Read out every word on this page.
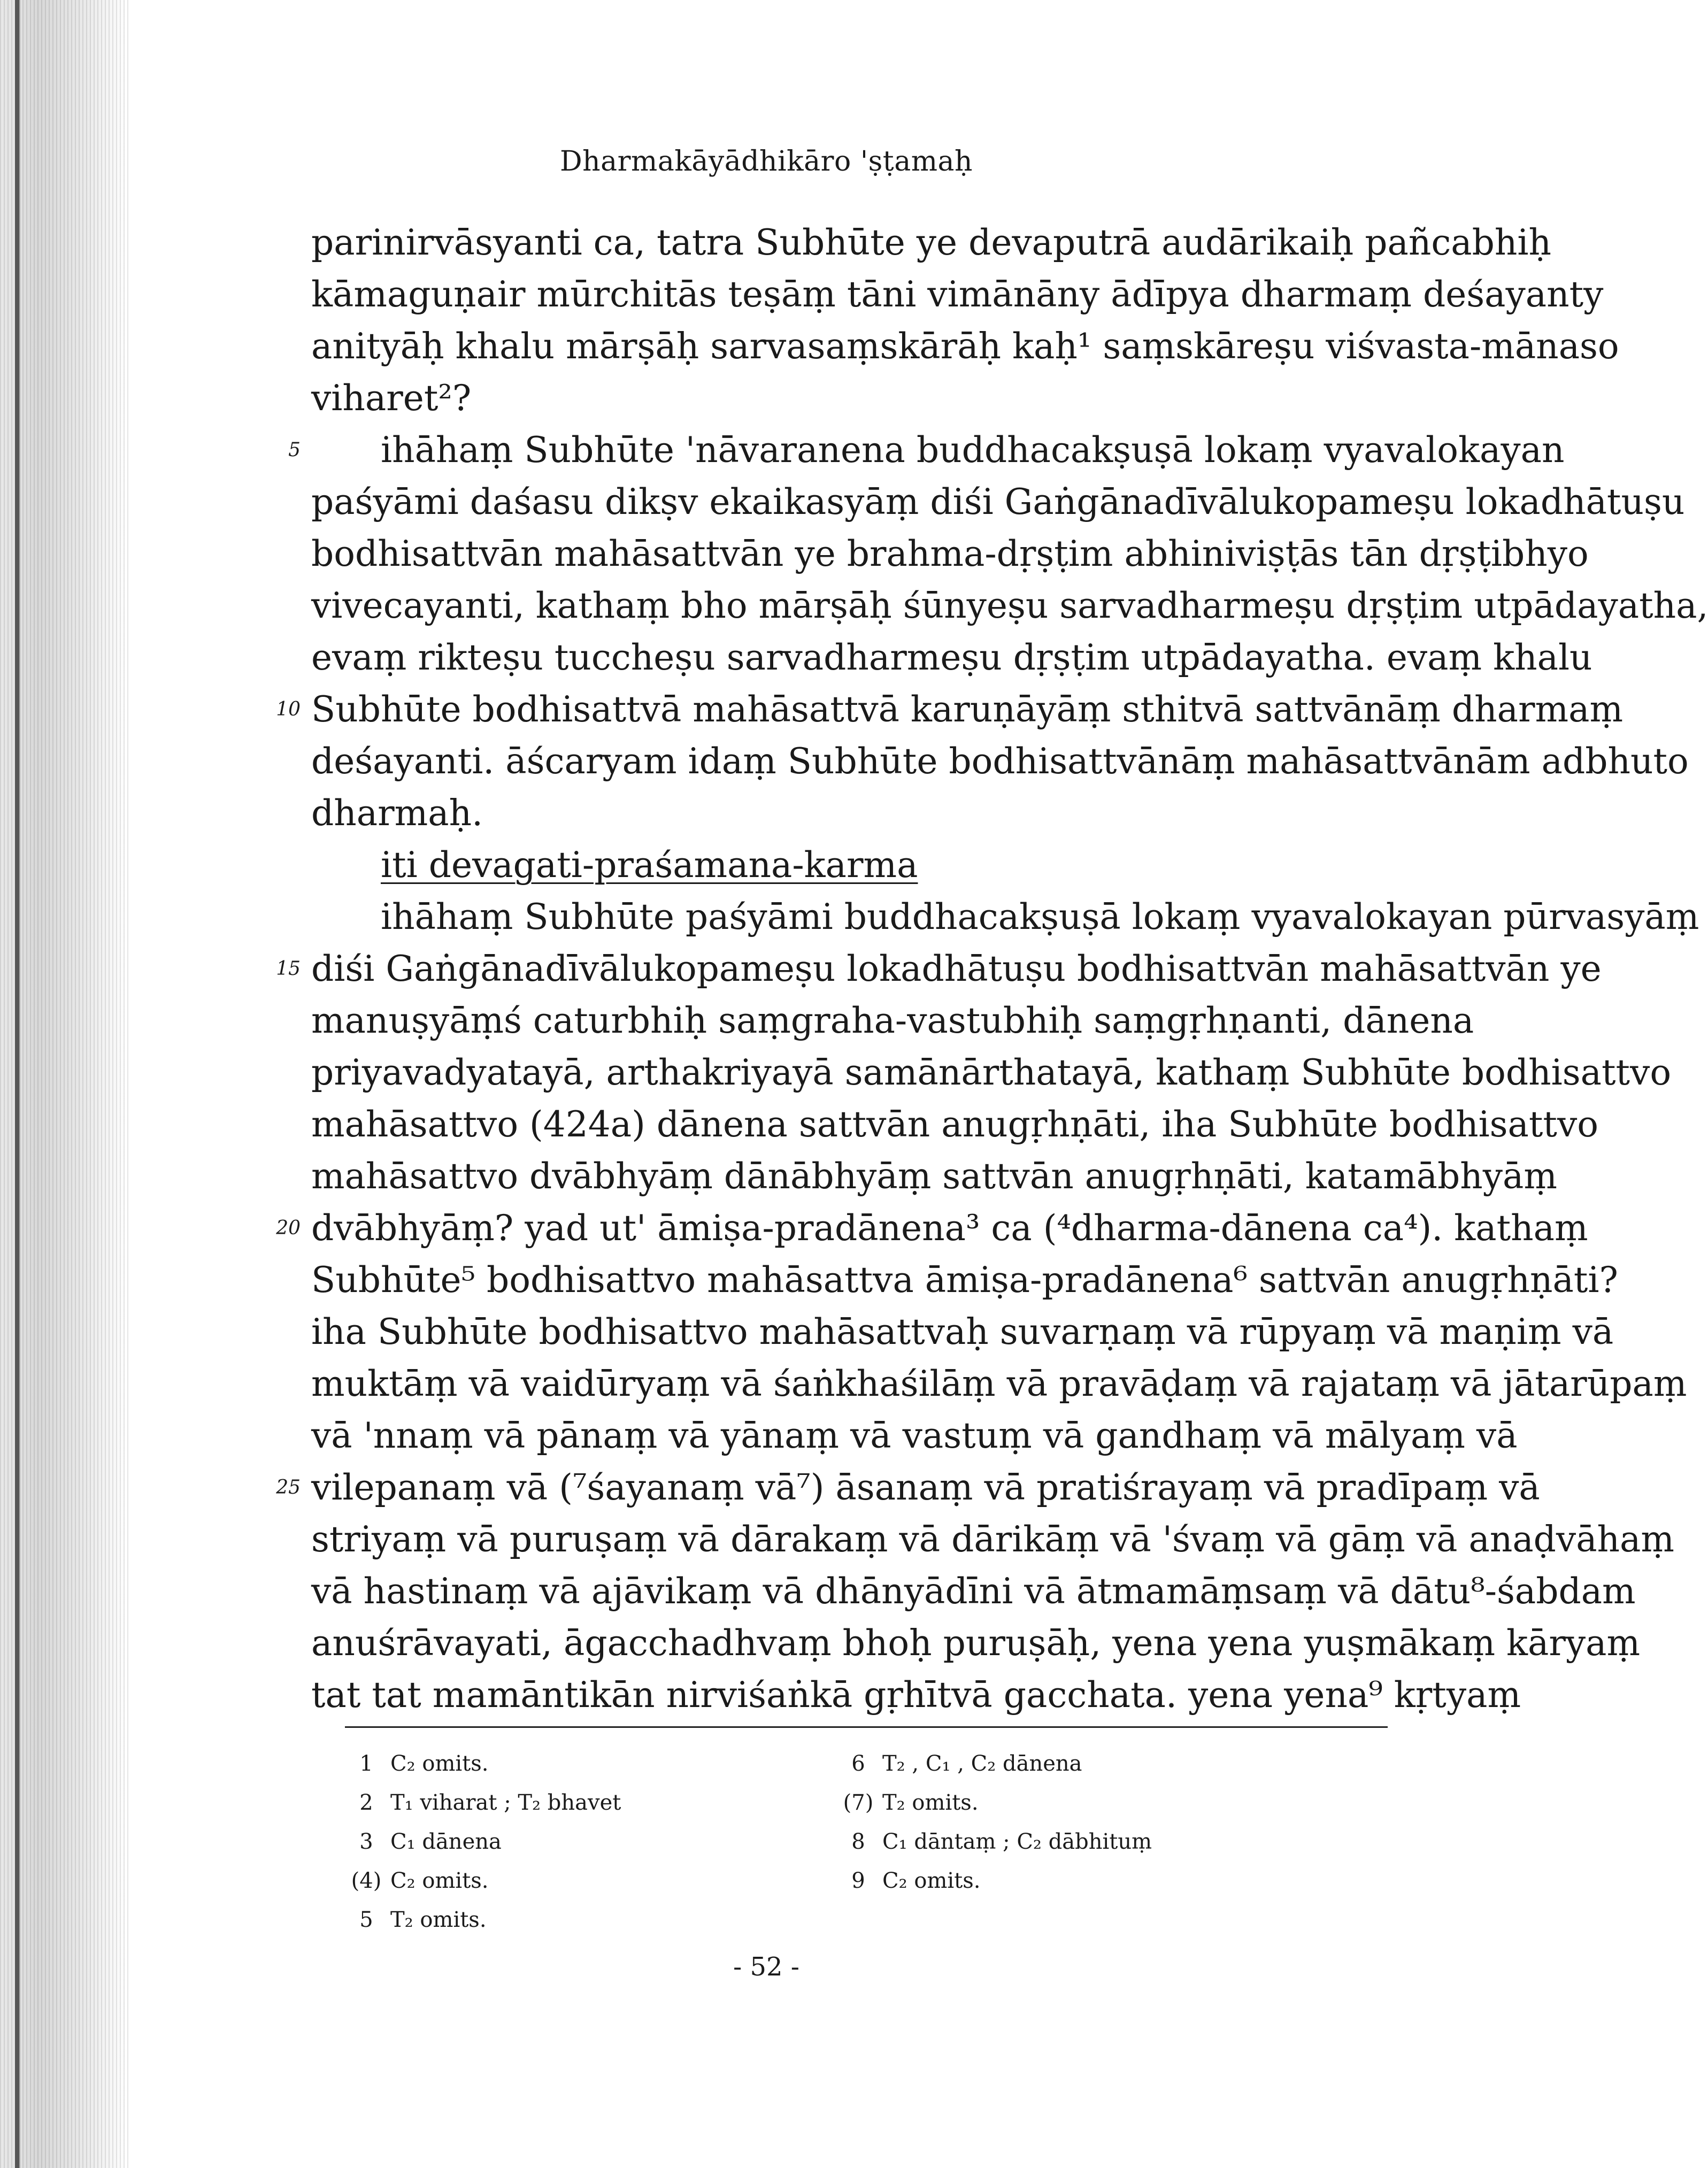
Dharmakāyādhikāro 'ṣṭamaḥ
parinirvāsyanti ca, tatra Subhūte ye devaputrā audārikaiḥ pañcabhiḥ
kāmaguṇair mūrchitās teṣāṃ tāni vimānāny ādīpya dharmaṃ deśayanty
anityāḥ khalu mārṣāḥ sarvasaṃskārāḥ kaḥ¹ saṃskāreṣu viśvasta-mānaso
viharet²?
5 ihāhaṃ Subhūte 'nāvaranena buddhacakṣuṣā lokaṃ vyavalokayan
paśyāmi daśasu dikṣv ekaikasyāṃ diśi Gaṅgānadīvālukopameṣu lokadhātuṣu
bodhisattvān mahāsattvān ye brahma-dṛṣṭim abhiniviṣṭās tān dṛṣṭibhyo
vivecayanti, kathaṃ bho mārṣāḥ śūnyeṣu sarvadharmeṣu dṛṣṭim utpādayatha,
evaṃ rikteṣu tuccheṣu sarvadharmeṣu dṛṣṭim utpādayatha. evaṃ khalu
10 Subhūte bodhisattvā mahāsattvā karuṇāyāṃ sthitvā sattvānāṃ dharmaṃ
deśayanti. āścaryam idaṃ Subhūte bodhisattvānāṃ mahāsattvānām adbhuto
dharmaḥ.
iti devagati-praśamana-karma
ihāhaṃ Subhūte paśyāmi buddhacakṣuṣā lokaṃ vyavalokayan pūrvasyāṃ
15 diśi Gaṅgānadīvālukopameṣu lokadhātuṣu bodhisattvān mahāsattvān ye
manuṣyāṃś caturbhiḥ saṃgraha-vastubhiḥ saṃgṛhṇanti, dānena
priyavadyatayā, arthakriyayā samānārthatayā, kathaṃ Subhūte bodhisattvo
mahāsattvo (424a) dānena sattvān anugṛhṇāti, iha Subhūte bodhisattvo
mahāsattvo dvābhyāṃ dānābhyāṃ sattvān anugṛhṇāti, katamābhyāṃ
20 dvābhyāṃ? yad ut' āmiṣa-pradānena³ ca (⁴dharma-dānena ca⁴). kathaṃ
Subhūte⁵ bodhisattvo mahāsattva āmiṣa-pradānena⁶ sattvān anugṛhṇāti?
iha Subhūte bodhisattvo mahāsattvaḥ suvarṇaṃ vā rūpyaṃ vā maṇiṃ vā
muktāṃ vā vaidūryaṃ vā śaṅkhaśilāṃ vā pravāḍaṃ vā rajataṃ vā jātarūpaṃ
vā 'nnaṃ vā pānaṃ vā yānaṃ vā vastuṃ vā gandhaṃ vā mālyaṃ vā
25 vilepanaṃ vā (⁷śayanaṃ vā⁷) āsanaṃ vā pratiśrayaṃ vā pradīpaṃ vā
striyaṃ vā puruṣaṃ vā dārakaṃ vā dārikāṃ vā 'śvaṃ vā gāṃ vā anaḍvāhaṃ
vā hastinaṃ vā ajāvikaṃ vā dhānyādīni vā ātmamāṃsaṃ vā dātu⁸-śabdam
anuśrāvayati, āgacchadhvaṃ bhoḥ puruṣāḥ, yena yena yuṣmākaṃ kāryaṃ
tat tat mamāntikān nirviśaṅkā gṛhītvā gacchata. yena yena⁹ kṛtyaṃ
1 C₂ omits.
2 T₁ viharat ; T₂ bhavet
3 C₁ dānena
(4) C₂ omits.
5 T₂ omits.
6 T₂ , C₁ , C₂ dānena
(7) T₂ omits.
8 C₁ dāntaṃ ; C₂ dābhituṃ
9 C₂ omits.
- 52 -
